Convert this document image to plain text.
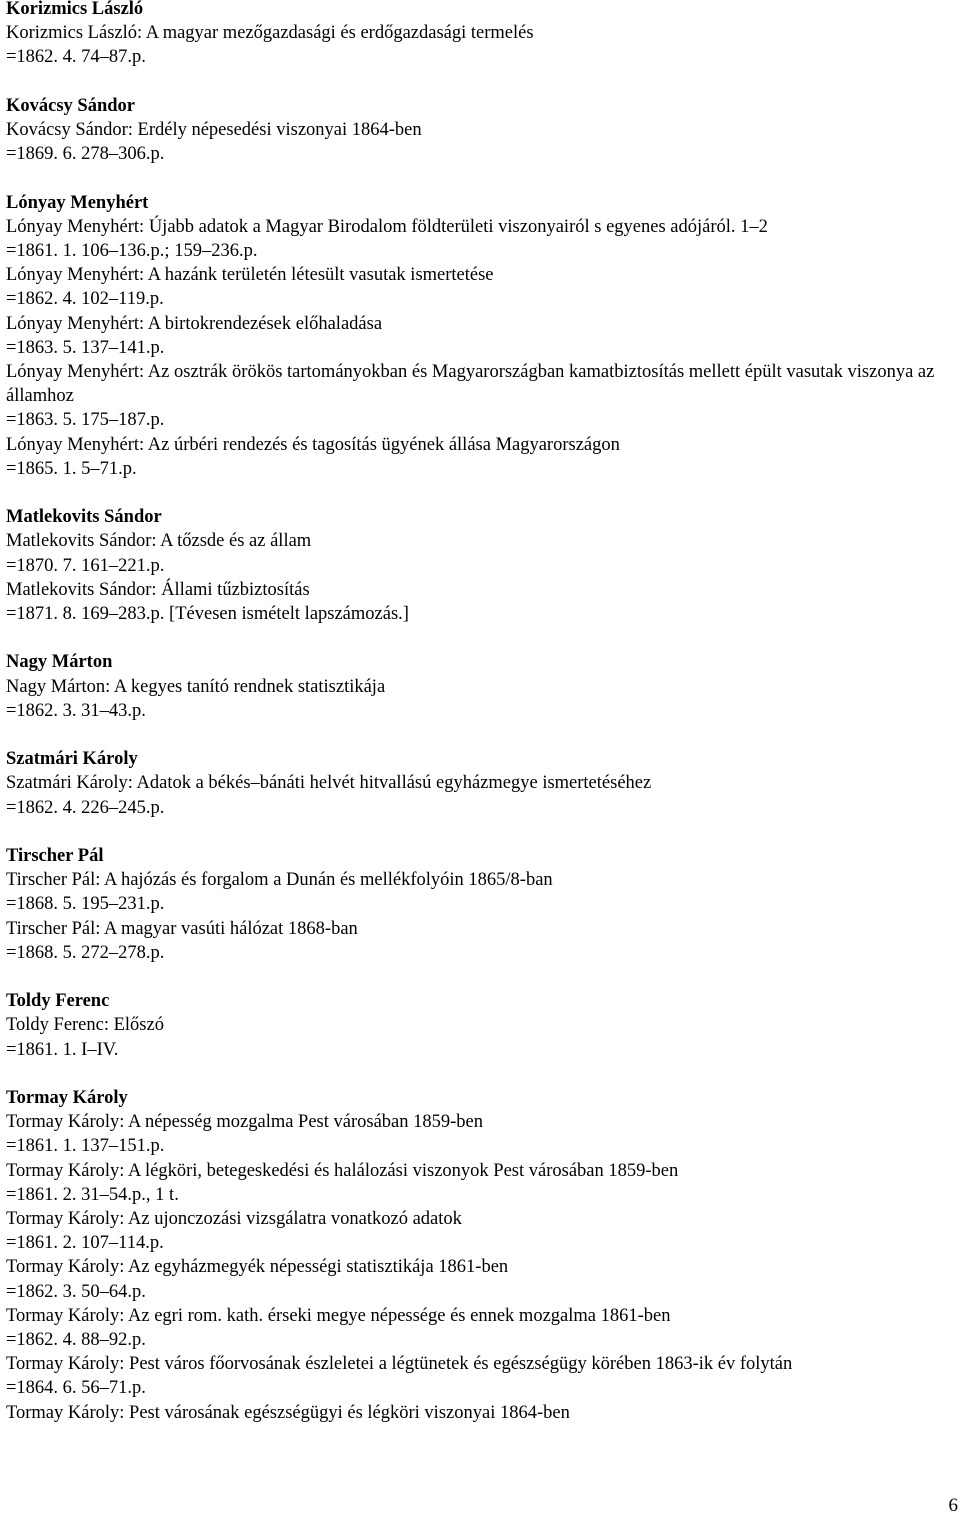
Korizmics László
Korizmics László: A magyar mezőgazdasági és erdőgazdasági termelés
=1862. 4. 74–87.p.
Kovácsy Sándor
Kovácsy Sándor: Erdély népesedési viszonyai 1864-ben
=1869. 6. 278–306.p.
Lónyay Menyhért
Lónyay Menyhért: Újabb adatok a Magyar Birodalom földterületi viszonyairól s egyenes adójáról. 1–2
=1861. 1. 106–136.p.; 159–236.p.
Lónyay Menyhért: A hazánk területén létesült vasutak ismertetése
=1862. 4. 102–119.p.
Lónyay Menyhért: A birtokrendezések előhaladása
=1863. 5. 137–141.p.
Lónyay Menyhért: Az osztrák örökös tartományokban és Magyarországban kamatbiztosítás mellett épült vasutak viszonya az államhoz
=1863. 5. 175–187.p.
Lónyay Menyhért: Az úrbéri rendezés és tagosítás ügyének állása Magyarországon
=1865. 1. 5–71.p.
Matlekovits Sándor
Matlekovits Sándor: A tőzsde és az állam
=1870. 7. 161–221.p.
Matlekovits Sándor: Állami tűzbiztosítás
=1871. 8. 169–283.p. [Tévesen ismételt lapszámozás.]
Nagy Márton
Nagy Márton: A kegyes tanító rendnek statisztikája
=1862. 3. 31–43.p.
Szatmári Károly
Szatmári Károly: Adatok a békés–bánáti helvét hitvallású egyházmegye ismertetéséhez
=1862. 4. 226–245.p.
Tirscher Pál
Tirscher Pál: A hajózás és forgalom a Dunán és mellékfolyóin 1865/8-ban
=1868. 5. 195–231.p.
Tirscher Pál: A magyar vasúti hálózat 1868-ban
=1868. 5. 272–278.p.
Toldy Ferenc
Toldy Ferenc: Előszó
=1861. 1. I–IV.
Tormay Károly
Tormay Károly: A népesség mozgalma Pest városában 1859-ben
=1861. 1. 137–151.p.
Tormay Károly: A légköri, betegeskedési és halálozási viszonyok Pest városában 1859-ben
=1861. 2. 31–54.p., 1 t.
Tormay Károly: Az ujonczozási vizsgálatra vonatkozó adatok
=1861. 2. 107–114.p.
Tormay Károly: Az egyházmegyék népességi statisztikája 1861-ben
=1862. 3. 50–64.p.
Tormay Károly: Az egri rom. kath. érseki megye népessége és ennek mozgalma 1861-ben
=1862. 4. 88–92.p.
Tormay Károly: Pest város főorvosának észleletei a légtünetek és egészségügy körében 1863-ik év folytán
=1864. 6. 56–71.p.
Tormay Károly: Pest városának egészségügyi és légköri viszonyai 1864-ben
6
